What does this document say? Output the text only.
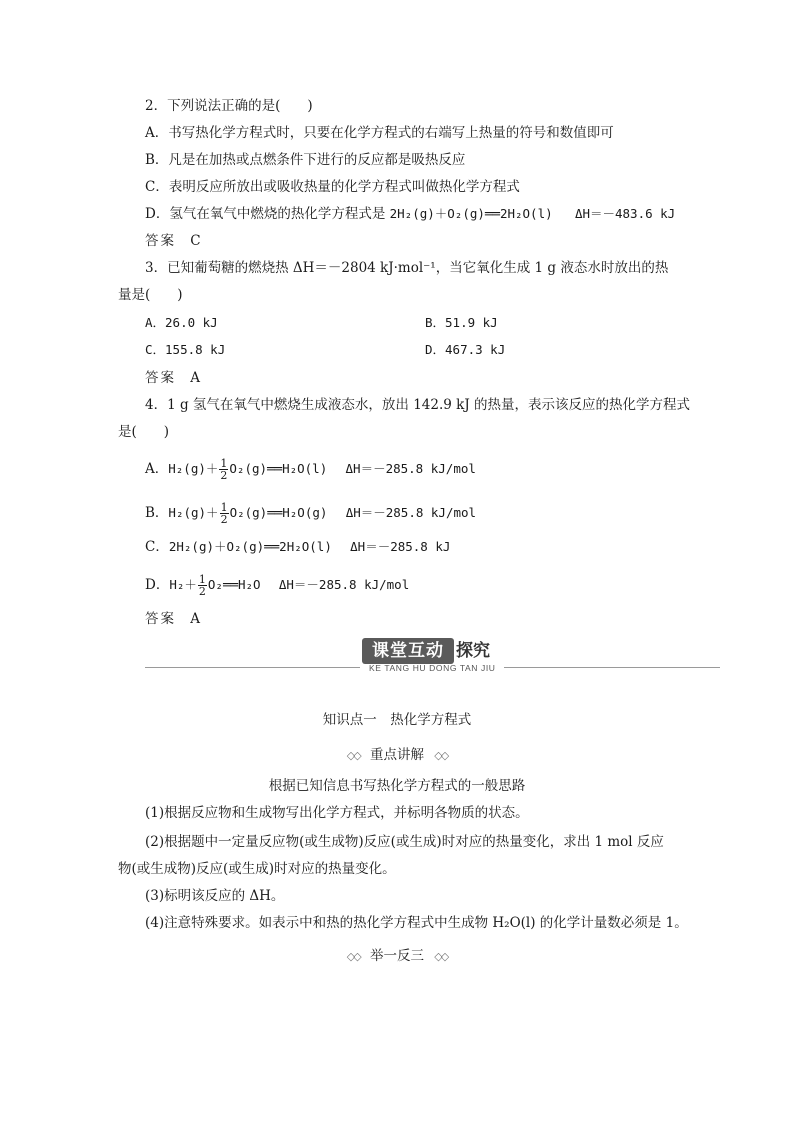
2．下列说法正确的是(　　)
A．书写热化学方程式时，只要在化学方程式的右端写上热量的符号和数值即可
B．凡是在加热或点燃条件下进行的反应都是吸热反应
C．表明反应所放出或吸收热量的化学方程式叫做热化学方程式
D．氢气在氧气中燃烧的热化学方程式是 2H₂(g)＋O₂(g)══2H₂O(l) ΔH＝－483.6 kJ
答案 C
3．已知葡萄糖的燃烧热 ΔH＝－2804 kJ·mol⁻¹，当它氧化生成 1 g 液态水时放出的热
量是(　　)
A．26.0 kJ	B．51.9 kJ
C．155.8 kJ	D．467.3 kJ
答案 A
4．1 g 氢气在氧气中燃烧生成液态水，放出 142.9 kJ 的热量，表示该反应的热化学方程式
是(　　)
A．$H_2(g)+ \frac{1}{2}$ O₂(g)══H₂O(l) ΔH＝－285.8 kJ/mol
B．$H_2(g)+ \frac{1}{2}$ O₂(g)══H₂O(g) ΔH＝－285.8 kJ/mol
C．2H₂(g)＋O₂(g)══2H₂O(l) ΔH＝－285.8 kJ
D．$H_2+ \frac{1}{2}$ O₂══H₂O ΔH＝－285.8 kJ/mol
答案 A
课堂互动 探究
KE TANG HU DONG TAN JIU
知识点一　热化学方程式
◇◇ 重点讲解 ◇◇
根据已知信息书写热化学方程式的一般思路
(1)根据反应物和生成物写出化学方程式，并标明各物质的状态。
(2)根据题中一定量反应物(或生成物)反应(或生成)时对应的热量变化，求出 1 mol 反应
物(或生成物)反应(或生成)时对应的热量变化。
(3)标明该反应的 ΔH。
(4)注意特殊要求。如表示中和热的热化学方程式中生成物 H₂O(l) 的化学计量数必须是 1。
◇◇ 举一反三 ◇◇
